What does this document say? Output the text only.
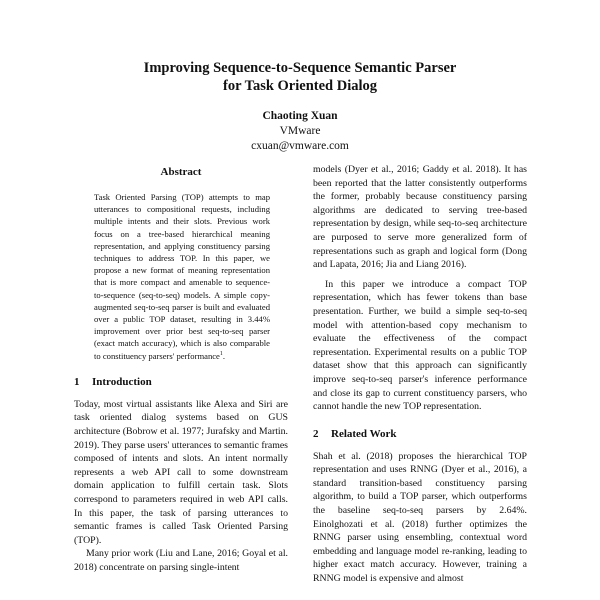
Improving Sequence-to-Sequence Semantic Parser
for Task Oriented Dialog
Chaoting Xuan
VMware
cxuan@vmware.com
Abstract

Task Oriented Parsing (TOP) attempts to map utterances to compositional requests, including multiple intents and their slots. Previous work focus on a tree-based hierarchical meaning representation, and applying constituency parsing techniques to address TOP. In this paper, we propose a new format of meaning representation that is more compact and amenable to sequence-to-sequence (seq-to-seq) models. A simple copy-augmented seq-to-seq parser is built and evaluated over a public TOP dataset, resulting in 3.44% improvement over prior best seq-to-seq parser (exact match accuracy), which is also comparable to constituency parsers' performance$^1$.

1 Introduction

Today, most virtual assistants like Alexa and Siri are task oriented dialog systems based on GUS architecture (Bobrow et al. 1977; Jurafsky and Martin. 2019). They parse users' utterances to semantic frames composed of intents and slots. An intent normally represents a web API call to some downstream domain application to fulfill certain task. Slots correspond to parameters required in web API calls. In this paper, the task of parsing utterances to semantic frames is called Task Oriented Parsing (TOP).

Many prior work (Liu and Lane, 2016; Goyal et al. 2018) concentrate on parsing single-intent

models (Dyer et al., 2016; Gaddy et al. 2018). It has been reported that the latter consistently outperforms the former, probably because constituency parsing algorithms are dedicated to serving tree-based representation by design, while seq-to-seq architecture are purposed to serve more generalized form of representations such as graph and logical form (Dong and Lapata, 2016; Jia and Liang 2016).

In this paper we introduce a compact TOP representation, which has fewer tokens than base presentation. Further, we build a simple seq-to-seq model with attention-based copy mechanism to evaluate the effectiveness of the compact representation. Experimental results on a public TOP dataset show that this approach can significantly improve seq-to-seq parser's inference performance and close its gap to current constituency parsers, who cannot handle the new TOP representation.

2 Related Work

Shah et al. (2018) proposes the hierarchical TOP representation and uses RNNG (Dyer et al., 2016), a standard transition-based constituency parsing algorithm, to build a TOP parser, which outperforms the baseline seq-to-seq parsers by 2.64%. Einolghozati et al. (2018) further optimizes the RNNG parser using ensembling, contextual word embedding and language model re-ranking, leading to higher exact match accuracy. However, training a RNNG model is expensive and almost
